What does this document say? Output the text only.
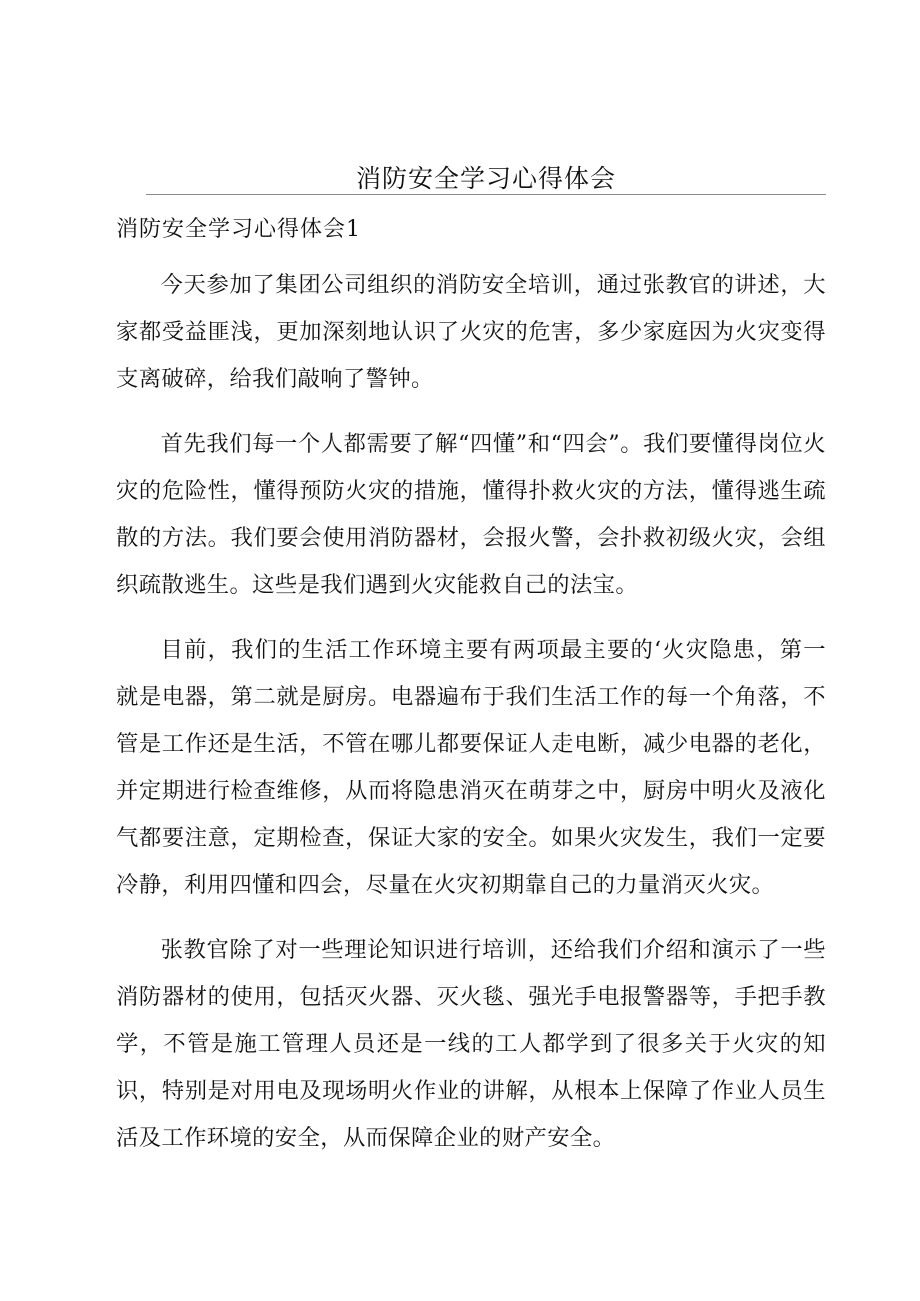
消防安全学习心得体会
消防安全学习心得体会1

今天参加了集团公司组织的消防安全培训，通过张教官的讲述，大家都受益匪浅，更加深刻地认识了火灾的危害，多少家庭因为火灾变得支离破碎，给我们敲响了警钟。

首先我们每一个人都需要了解“四懂”和“四会”。我们要懂得岗位火灾的危险性，懂得预防火灾的措施，懂得扑救火灾的方法，懂得逃生疏散的方法。我们要会使用消防器材，会报火警，会扑救初级火灾，会组织疏散逃生。这些是我们遇到火灾能救自己的法宝。

目前，我们的生活工作环境主要有两项最主要的‘火灾隐患，第一就是电器，第二就是厨房。电器遍布于我们生活工作的每一个角落，不管是工作还是生活，不管在哪儿都要保证人走电断，减少电器的老化，并定期进行检查维修，从而将隐患消灭在萌芽之中，厨房中明火及液化气都要注意，定期检查，保证大家的安全。如果火灾发生，我们一定要冷静，利用四懂和四会，尽量在火灾初期靠自己的力量消灭火灾。

张教官除了对一些理论知识进行培训，还给我们介绍和演示了一些消防器材的使用，包括灭火器、灭火毯、强光手电报警器等，手把手教学，不管是施工管理人员还是一线的工人都学到了很多关于火灾的知识，特别是对用电及现场明火作业的讲解，从根本上保障了作业人员生活及工作环境的安全，从而保障企业的财产安全。
